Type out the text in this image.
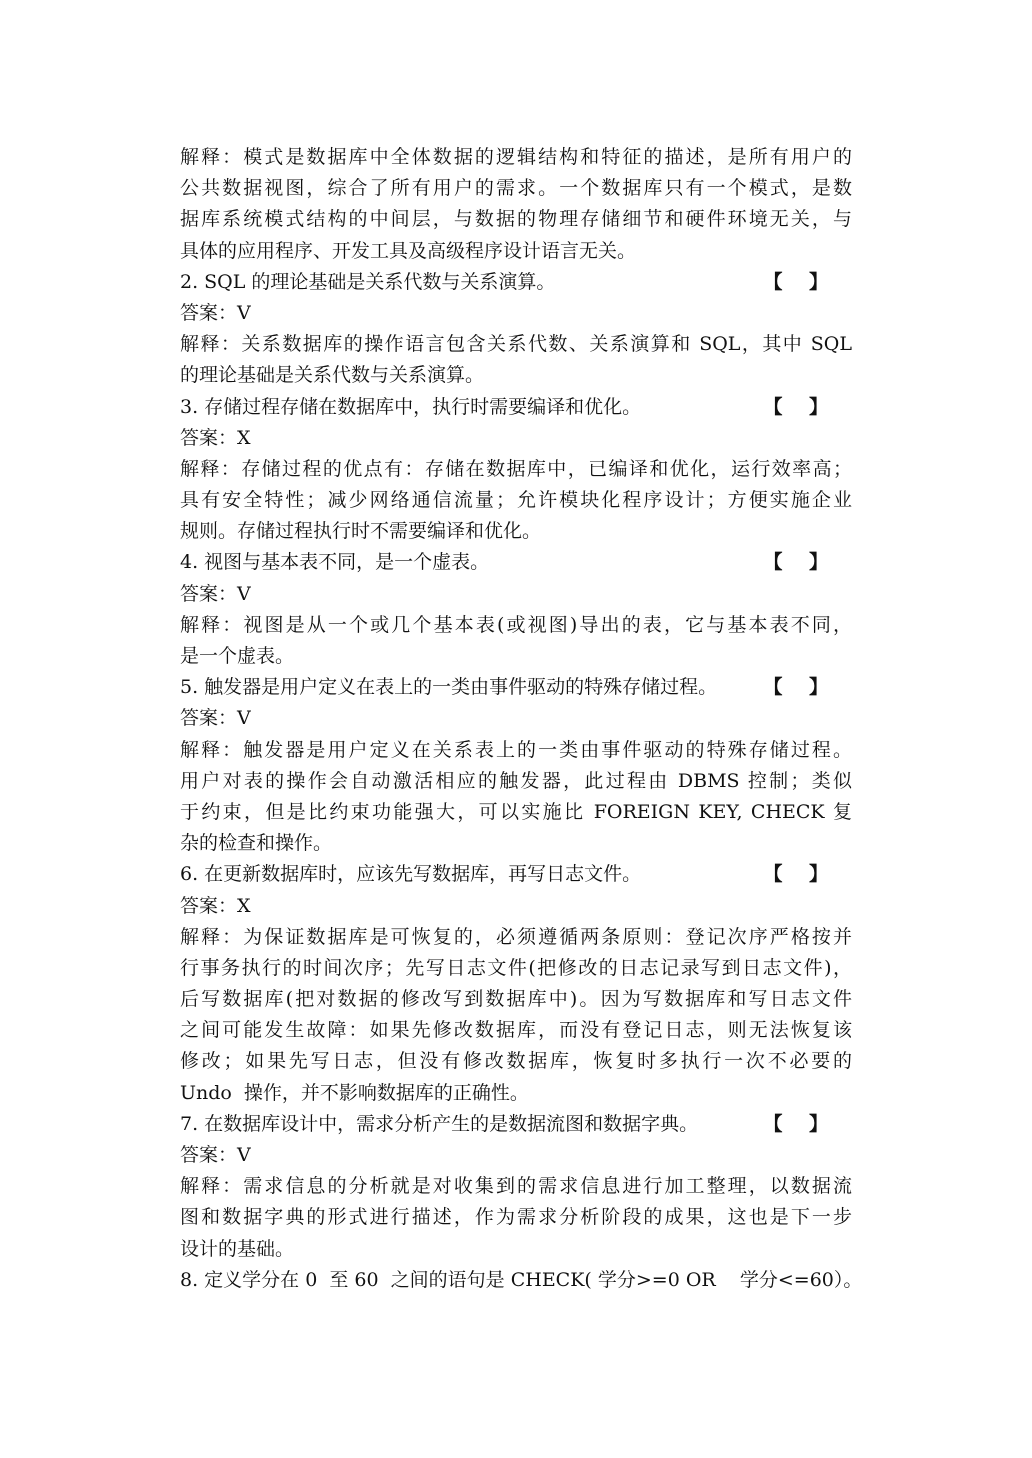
解释：模式是数据库中全体数据的逻辑结构和特征的描述，是所有用户的
公共数据视图，综合了所有用户的需求。一个数据库只有一个模式，是数
据库系统模式结构的中间层，与数据的物理存储细节和硬件环境无关，与
具体的应用程序、开发工具及高级程序设计语言无关。
2. SQL 的理论基础是关系代数与关系演算。	【    】
答案：V
解释：关系数据库的操作语言包含关系代数、关系演算和 SQL，其中 SQL
的理论基础是关系代数与关系演算。
3. 存储过程存储在数据库中，执行时需要编译和优化。	【    】
答案：X
解释：存储过程的优点有：存储在数据库中，已编译和优化，运行效率高；
具有安全特性；减少网络通信流量；允许模块化程序设计；方便实施企业
规则。存储过程执行时不需要编译和优化。
4. 视图与基本表不同，是一个虚表。	【    】
答案：V
解释：视图是从一个或几个基本表(或视图)导出的表，它与基本表不同，
是一个虚表。
5. 触发器是用户定义在表上的一类由事件驱动的特殊存储过程。 【    】
答案：V
解释：触发器是用户定义在关系表上的一类由事件驱动的特殊存储过程。
用户对表的操作会自动激活相应的触发器，此过程由 DBMS 控制；类似
于约束，但是比约束功能强大，可以实施比 FOREIGN KEY, CHECK 复
杂的检查和操作。
6. 在更新数据库时，应该先写数据库，再写日志文件。	【    】
答案：X
解释：为保证数据库是可恢复的，必须遵循两条原则：登记次序严格按并
行事务执行的时间次序；先写日志文件(把修改的日志记录写到日志文件)，
后写数据库(把对数据的修改写到数据库中)。因为写数据库和写日志文件
之间可能发生故障：如果先修改数据库，而没有登记日志，则无法恢复该
修改；如果先写日志，但没有修改数据库，恢复时多执行一次不必要的
Undo  操作，并不影响数据库的正确性。
7. 在数据库设计中，需求分析产生的是数据流图和数据字典。	【    】
答案：V
解释：需求信息的分析就是对收集到的需求信息进行加工整理，以数据流
图和数据字典的形式进行描述，作为需求分析阶段的成果，这也是下一步
设计的基础。
8. 定义学分在 0  至 60  之间的语句是 CHECK( 学分>=0 OR    学分<=60）。
